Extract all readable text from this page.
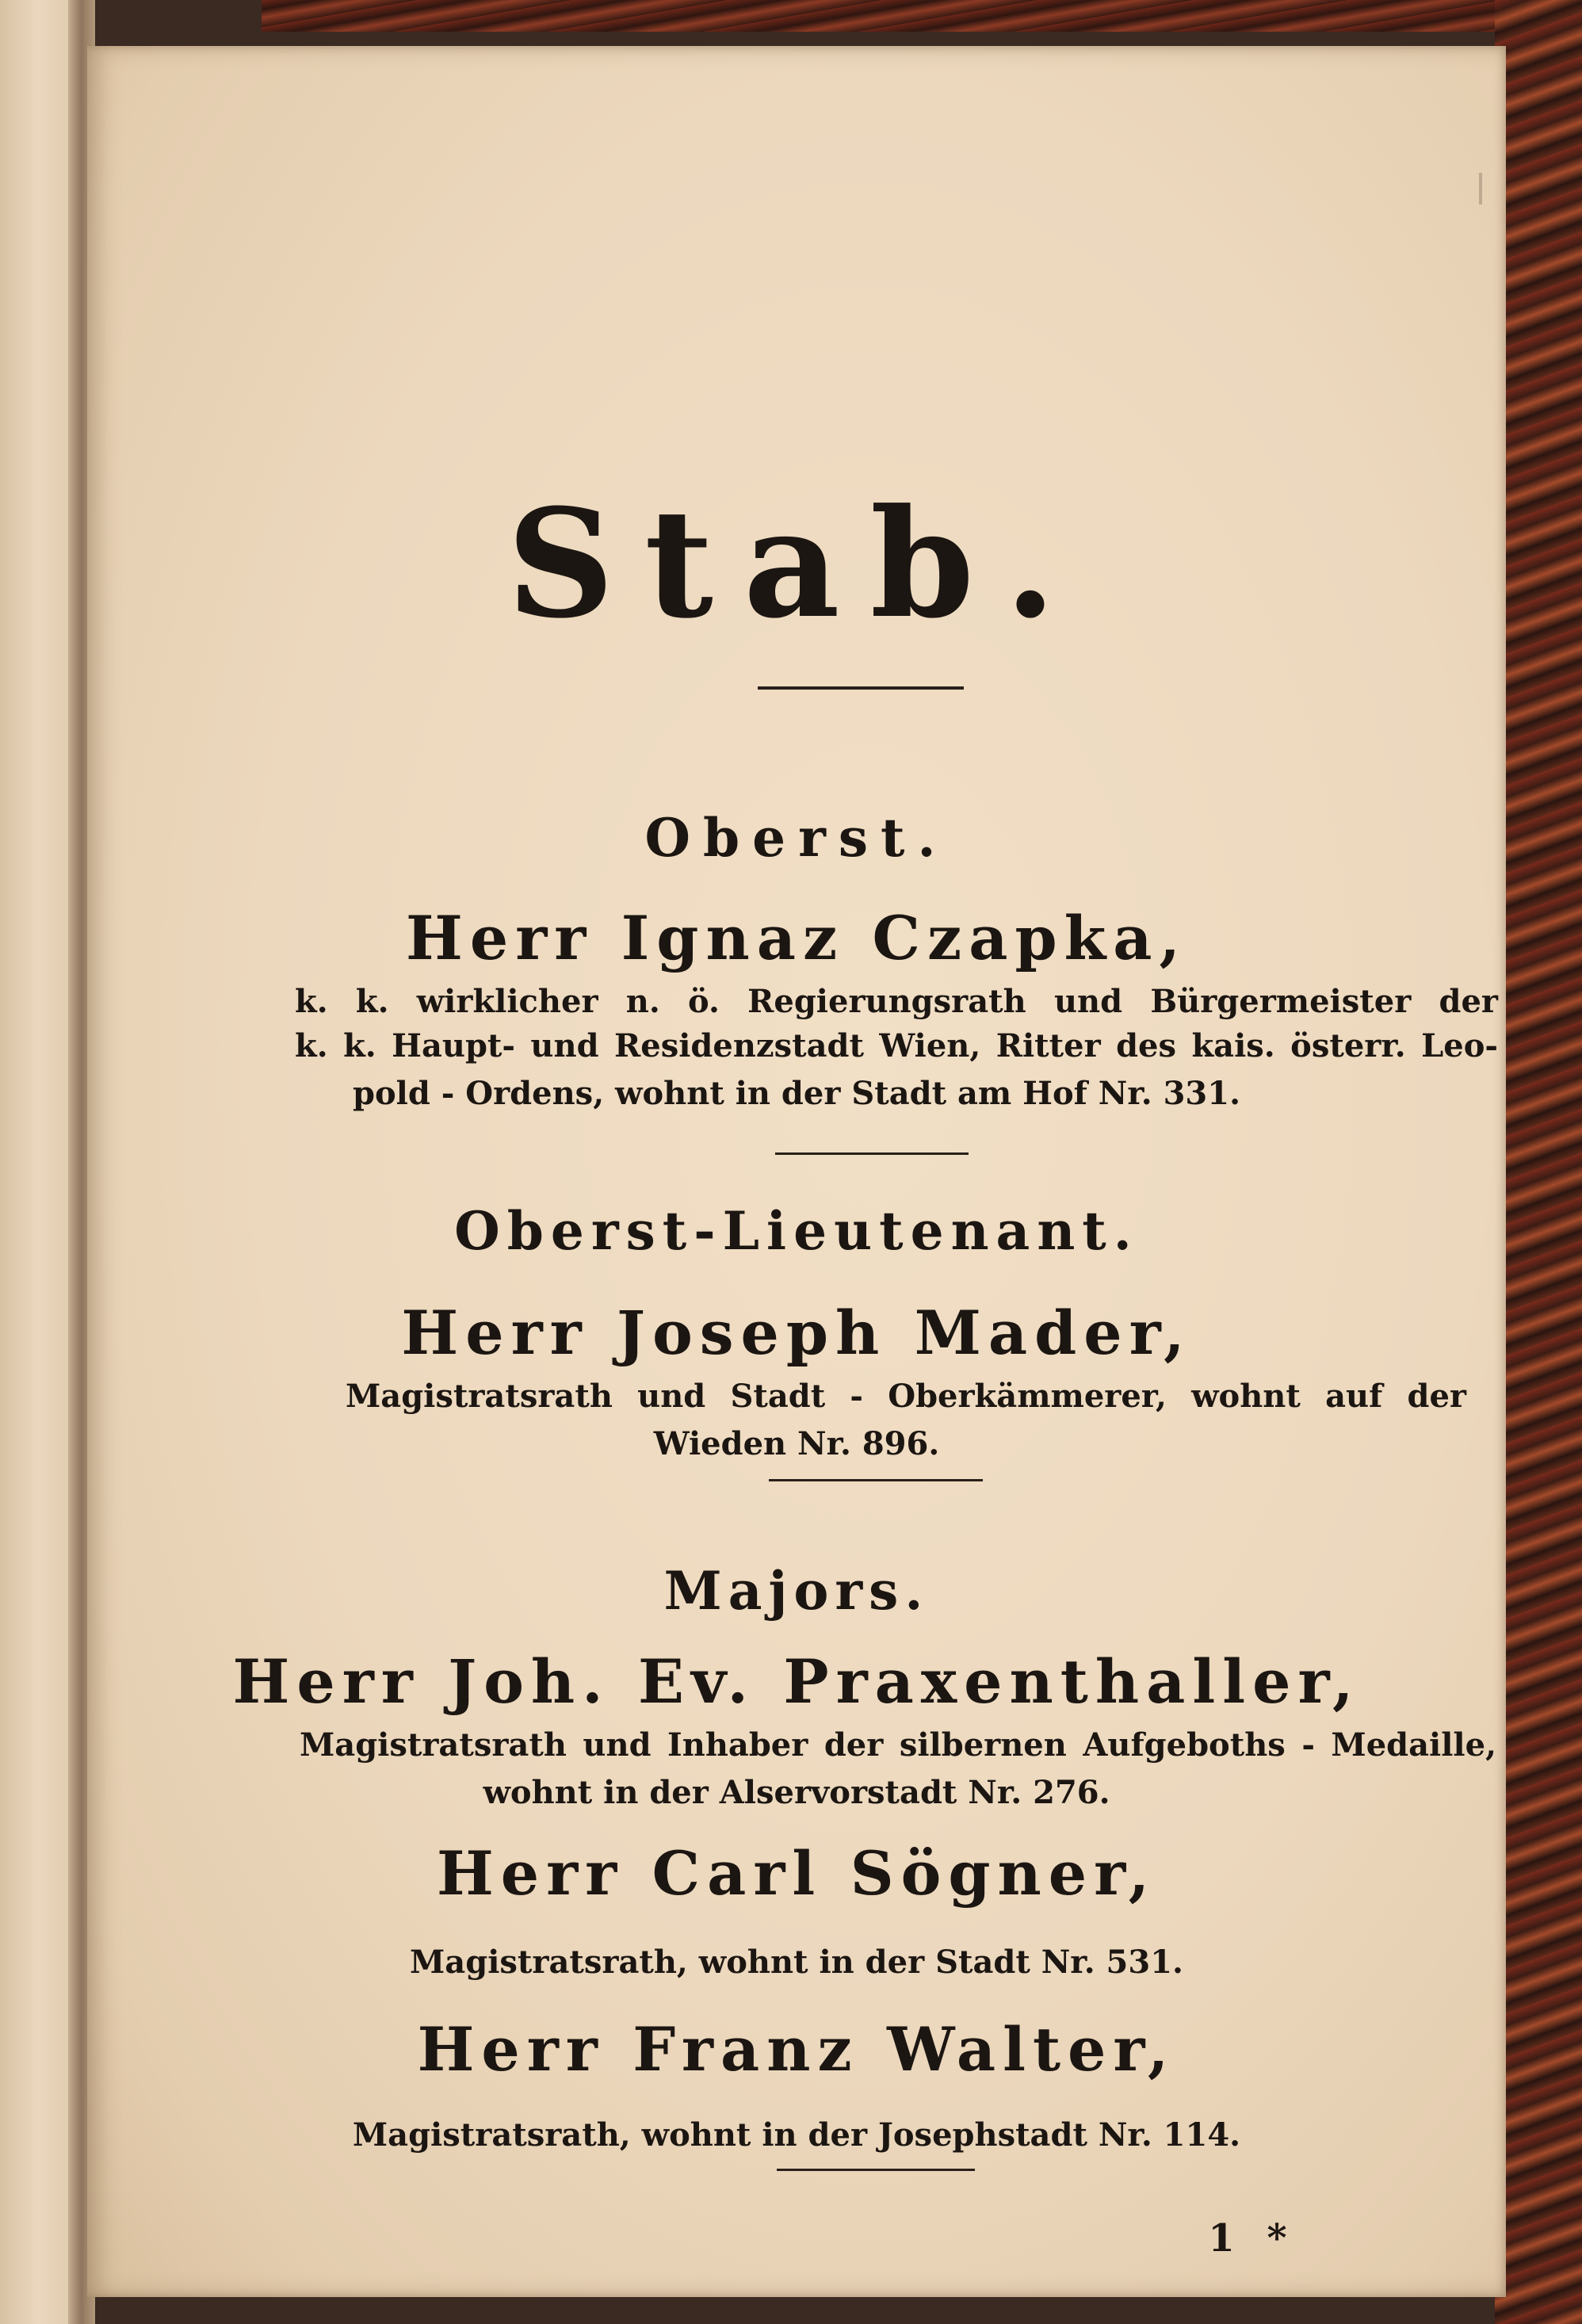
Stab.
Oberst.
Herr Ignaz Czapka,
k. k. wirklicher n. ö. Regierungsrath und Bürgermeister der
k. k. Haupt- und Residenzstadt Wien, Ritter des kais. österr. Leo-
pold - Ordens, wohnt in der Stadt am Hof Nr. 331.
Oberst-Lieutenant.
Herr Joseph Mader,
Magistratsrath und Stadt - Oberkämmerer, wohnt auf der
Wieden Nr. 896.
Majors.
Herr Joh. Ev. Praxenthaller,
Magistratsrath und Inhaber der silbernen Aufgeboths - Medaille,
wohnt in der Alservorstadt Nr. 276.
Herr Carl Sögner,
Magistratsrath, wohnt in der Stadt Nr. 531.
Herr Franz Walter,
Magistratsrath, wohnt in der Josephstadt Nr. 114.
1 *
